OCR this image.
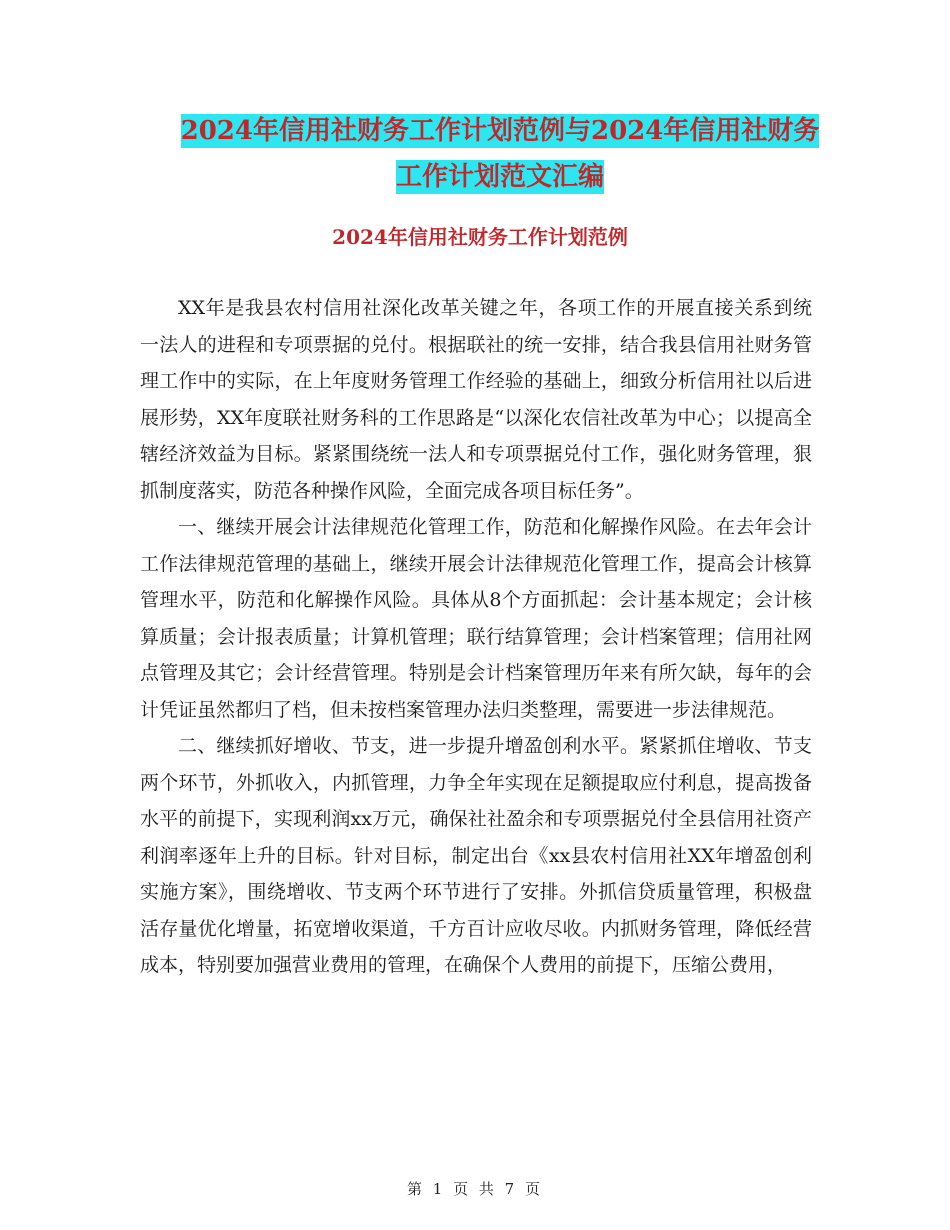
2024年信用社财务工作计划范例与2024年信用社财务
工作计划范文汇编
2024年信用社财务工作计划范例

XX年是我县农村信用社深化改革关键之年，各项工作的开展直接关系到统一法人的进程和专项票据的兑付。根据联社的统一安排，结合我县信用社财务管理工作中的实际，在上年度财务管理工作经验的基础上，细致分析信用社以后进展形势，XX年度联社财务科的工作思路是“以深化农信社改革为中心；以提高全辖经济效益为目标。紧紧围绕统一法人和专项票据兑付工作，强化财务管理，狠抓制度落实，防范各种操作风险，全面完成各项目标任务”。

一、继续开展会计法律规范化管理工作，防范和化解操作风险。在去年会计工作法律规范管理的基础上，继续开展会计法律规范化管理工作，提高会计核算管理水平，防范和化解操作风险。具体从8个方面抓起：会计基本规定；会计核算质量；会计报表质量；计算机管理；联行结算管理；会计档案管理；信用社网点管理及其它；会计经营管理。特别是会计档案管理历年来有所欠缺，每年的会计凭证虽然都归了档，但未按档案管理办法归类整理，需要进一步法律规范。

二、继续抓好增收、节支，进一步提升增盈创利水平。紧紧抓住增收、节支两个环节，外抓收入，内抓管理，力争全年实现在足额提取应付利息，提高拨备水平的前提下，实现利润xx万元，确保社社盈余和专项票据兑付全县信用社资产利润率逐年上升的目标。针对目标，制定出台《xx县农村信用社XX年增盈创利实施方案》，围绕增收、节支两个环节进行了安排。外抓信贷质量管理，积极盘活存量优化增量，拓宽增收渠道，千方百计应收尽收。内抓财务管理，降低经营成本，特别要加强营业费用的管理，在确保个人费用的前提下，压缩公费用，

第 1 页 共 7 页
